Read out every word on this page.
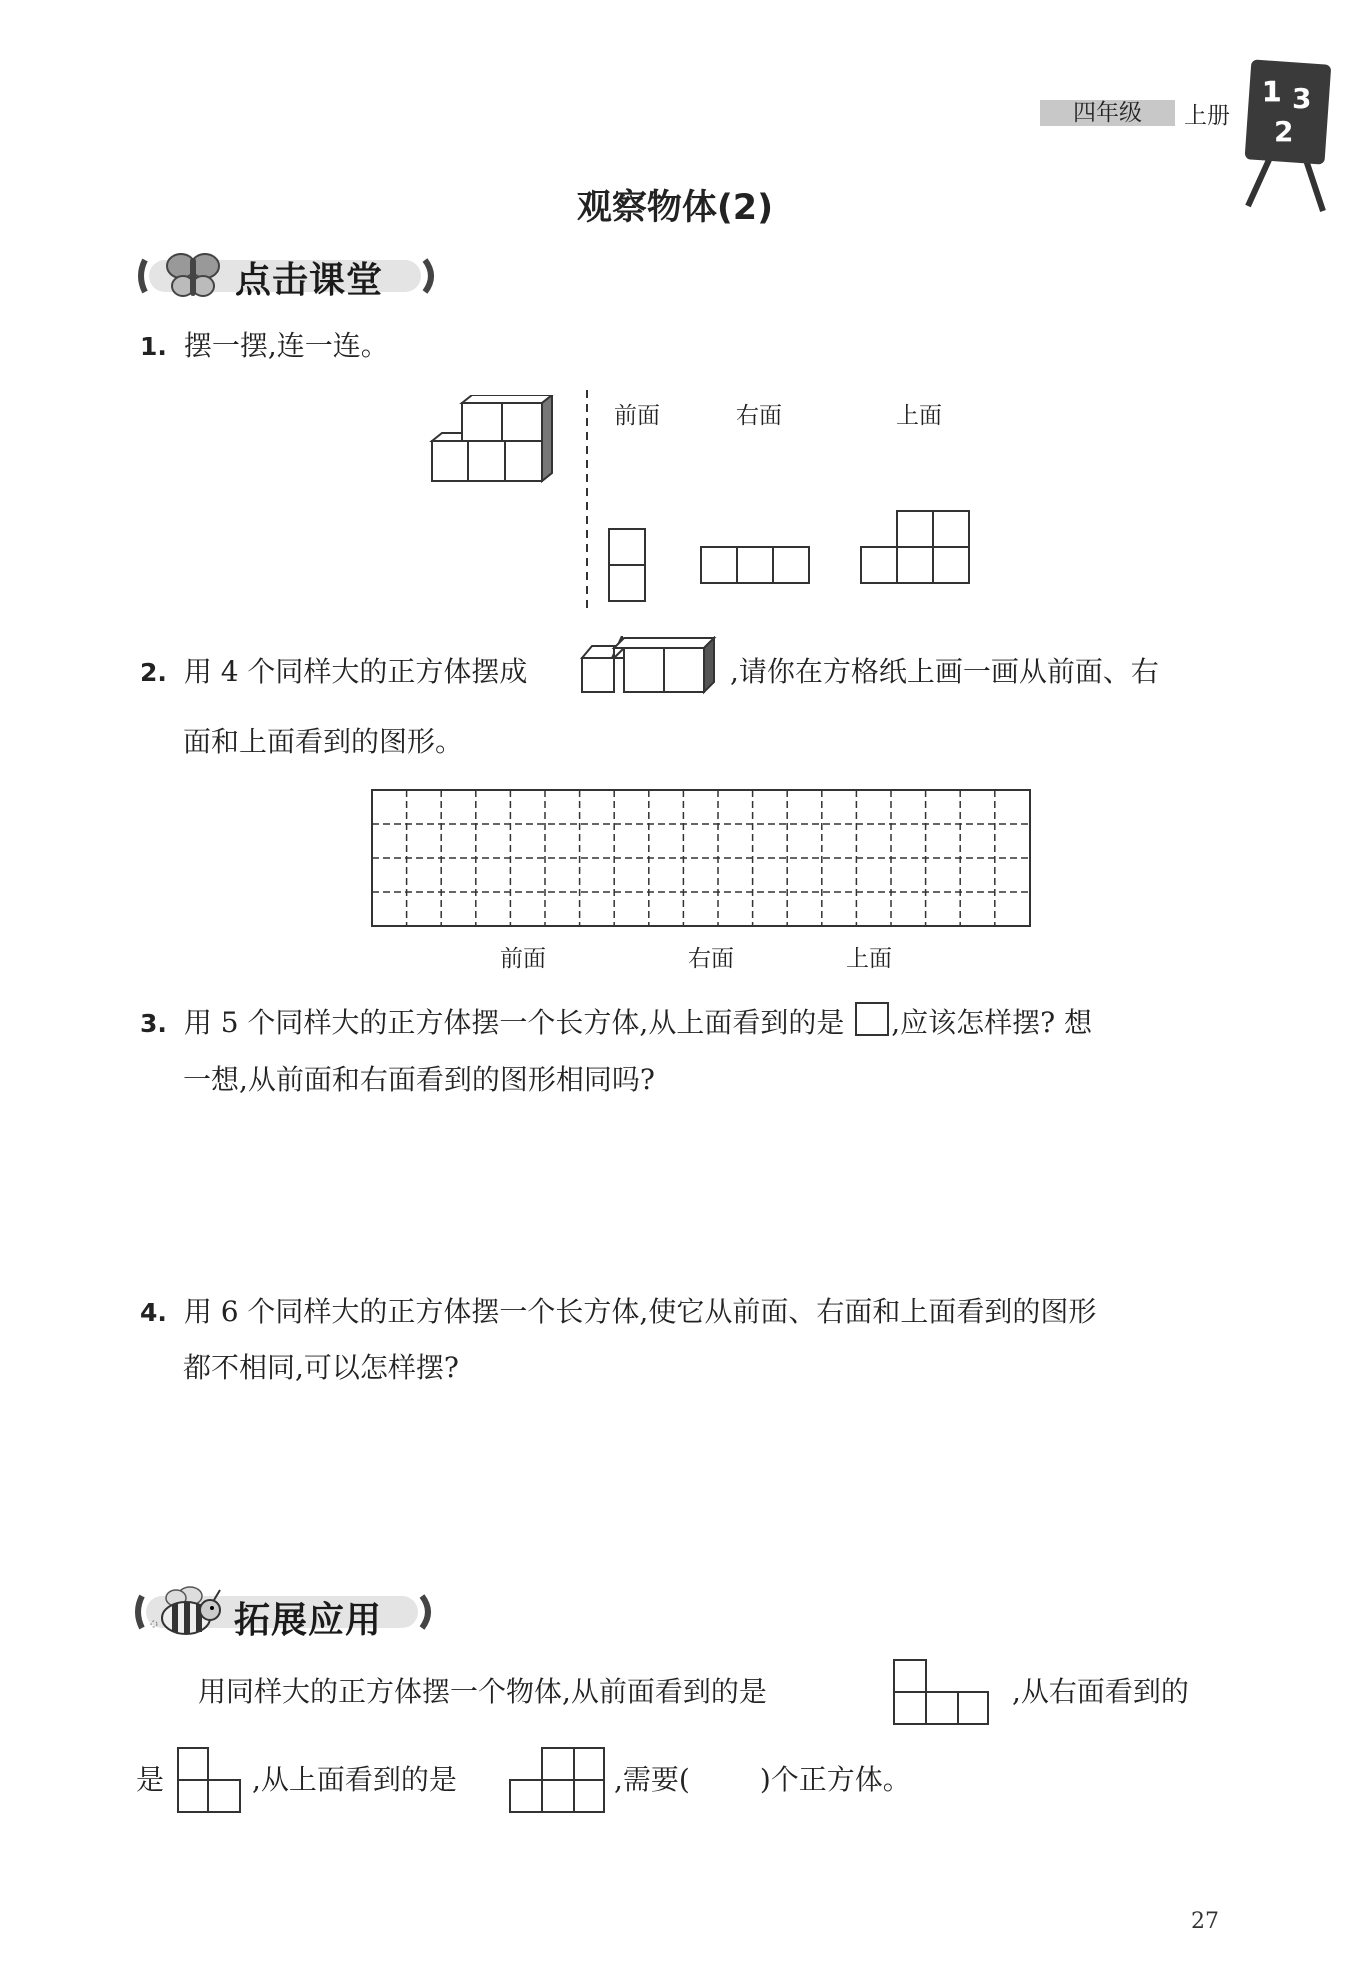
四年级	上册
1 3
2
观察物体(2)
点击课堂
1. 摆一摆,连一连。
前面	右面	上面
2. 用 4 个同样大的正方体摆成	,请你在方格纸上画一画从前面、右
面和上面看到的图形。
前面	右面	上面
3. 用 5 个同样大的正方体摆一个长方体,从上面看到的是 ,应该怎样摆? 想
一想,从前面和右面看到的图形相同吗?
4. 用 6 个同样大的正方体摆一个长方体,使它从前面、右面和上面看到的图形
都不相同,可以怎样摆?
拓展应用
用同样大的正方体摆一个物体,从前面看到的是	,从右面看到的
是	,从上面看到的是	,需要(	)个正方体。
27
